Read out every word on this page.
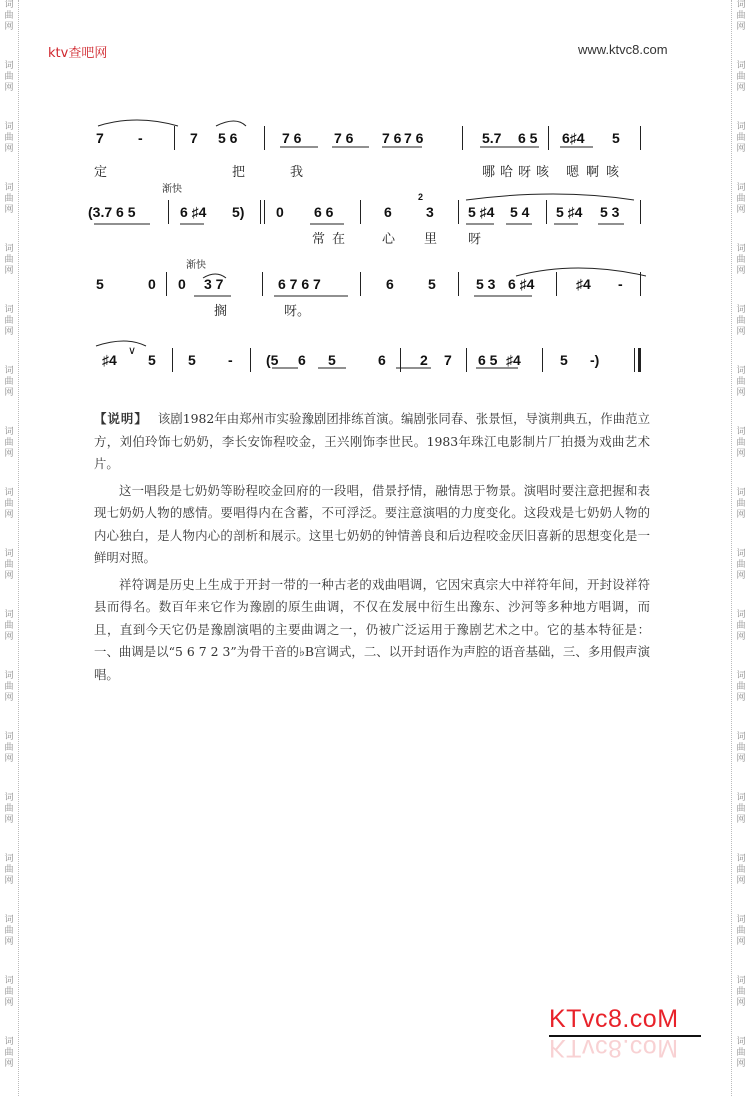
词
曲
网
词
曲
网
词
曲
网
词
曲
网
词
曲
网
词
曲
网
词
曲
网
词
曲
网
词
曲
网
词
曲
网
词
曲
网
词
曲
网
词
曲
网
词
曲
网
词
曲
网
词
曲
网
词
曲
网
词
曲
网
词
曲
网
词
曲
网
词
曲
网
词
曲
网
词
曲
网
词
曲
网
词
曲
网
词
曲
网
词
曲
网
词
曲
网
词
曲
网
词
曲
网
词
曲
网
词
曲
网
词
曲
网
词
曲
网
词
曲
网
词
曲
网
ktv查吧网	www.ktvc8.com
7 -	7 5 6	7 6 7 6 7 6 7 6	5.7 6 5 6♯4 5
定	把	我	哪 哈 呀 咳 嗯 啊 咳
渐快
(3.7 6 5	6 ♯4 5) 0 6 6	6 3
2
5 ♯4 5 4 5 ♯4 5 3
常 在	心 里 呀
渐快
5	0 0 3 7	6 7 6 7	6 5	5 3 6 ♯4	♯4 -
搁	呀。
♯4
∨
5 5 - (5 6 5	6 2 7 6 5 ♯4	5 -)

【说明】 该剧1982年由郑州市实验豫剧团排练首演。编剧张同春、张景恒，导演荆典五，作曲范立方，刘伯玲饰七奶奶，李长安饰程咬金，王兴刚饰李世民。1983年珠江电影制片厂拍摄为戏曲艺术片。

这一唱段是七奶奶等盼程咬金回府的一段唱，借景抒情，融情思于物景。演唱时要注意把握和表现七奶奶人物的感情。要唱得内在含蓄，不可浮泛。要注意演唱的力度变化。这段戏是七奶奶人物的内心独白，是人物内心的剖析和展示。这里七奶奶的钟情善良和后边程咬金厌旧喜新的思想变化是一鲜明对照。

祥符调是历史上生成于开封一带的一种古老的戏曲唱调，它因宋真宗大中祥符年间，开封设祥符县而得名。数百年来它作为豫剧的原生曲调，不仅在发展中衍生出豫东、沙河等多种地方唱调，而且，直到今天它仍是豫剧演唱的主要曲调之一，仍被广泛运用于豫剧艺术之中。它的基本特征是：一、曲调是以“5 6 7 2 3”为骨干音的♭B宫调式，二、以开封语作为声腔的语音基础，三、多用假声演唱。

KTvc8.coM
KTvc8.coM
